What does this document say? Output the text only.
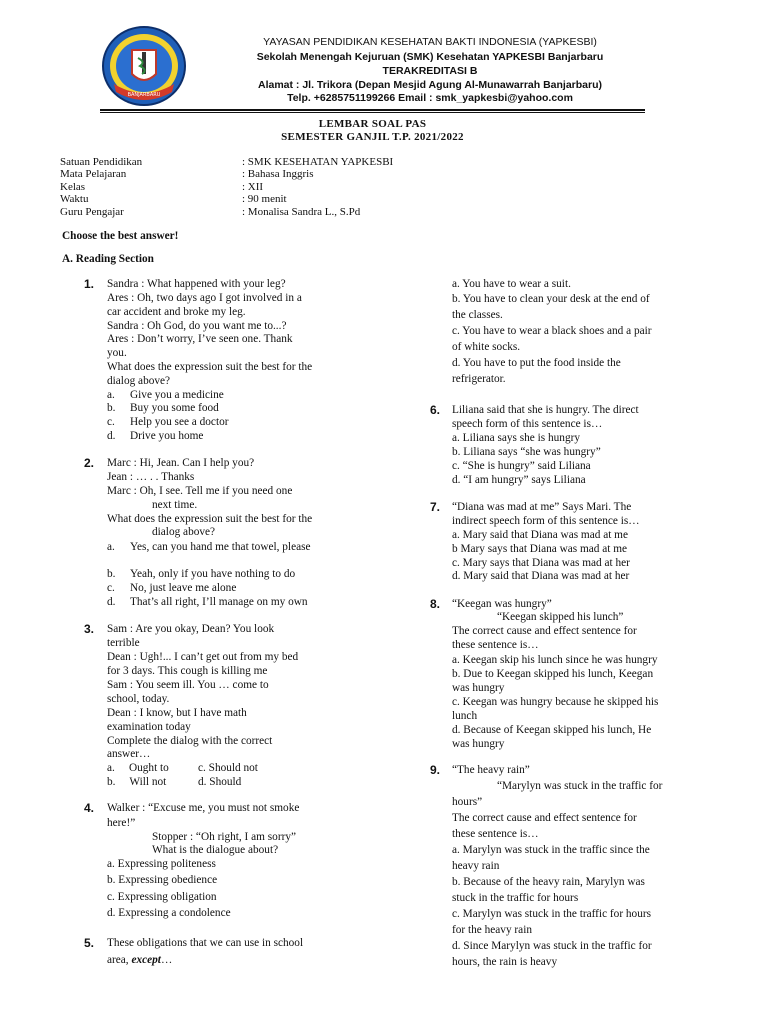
BANJARBARU
YAYASAN PENDIDIKAN KESEHATAN BAKTI INDONESIA (YAPKESBI)
Sekolah Menengah Kejuruan (SMK) Kesehatan YAPKESBI Banjarbaru
TERAKREDITASI B
Alamat : Jl. Trikora (Depan Mesjid Agung Al-Munawarrah Banjarbaru)
Telp. +6285751199266 Email : smk_yapkesbi@yahoo.com
LEMBAR SOAL PAS
SEMESTER GANJIL T.P. 2021/2022
Satuan Pendidikan
Mata Pelajaran
Kelas
Waktu
Guru Pengajar
: SMK KESEHATAN YAPKESBI
: Bahasa Inggris
: XII
: 90 menit
: Monalisa Sandra L., S.Pd
Choose the best answer!
A. Reading Section
1. Sandra : What happened with your leg?
Ares : Oh, two days ago I got involved in a
car accident and broke my leg.
Sandra : Oh God, do you want me to...?
Ares : Don’t worry, I’ve seen one. Thank
you.
What does the expression suit the best for the
dialog above?
a. Give you a medicine
b. Buy you some food
c. Help you see a doctor
d. Drive you home
2. Marc : Hi, Jean. Can I help you?
Jean : … . . Thanks
Marc : Oh, I see. Tell me if you need one
next time.
What does the expression suit the best for the
dialog above?
a. Yes, can you hand me that towel, please
b. Yeah, only if you have nothing to do
c. No, just leave me alone
d. That’s all right, I’ll manage on my own
3. Sam : Are you okay, Dean? You look
terrible
Dean : Ugh!... I can’t get out from my bed
for 3 days. This cough is killing me
Sam : You seem ill. You … come to
school, today.
Dean : I know, but I have math
examination today
Complete the dialog with the correct
answer…
a.     Ought to	c. Should not
b.     Will not	d. Should
4. Walker : “Excuse me, you must not smoke
here!”
Stopper : “Oh right, I am sorry”
What is the dialogue about?
a. Expressing politeness
b. Expressing obedience
c. Expressing obligation
d. Expressing a condolence
5. These obligations that we can use in school
area, except…
a. You have to wear a suit.
b. You have to clean your desk at the end of
the classes.
c. You have to wear a black shoes and a pair
of white socks.
d. You have to put the food inside the
refrigerator.
6. Liliana said that she is hungry. The direct
speech form of this sentence is…
a. Liliana says she is hungry
b. Liliana says “she was hungry”
c. “She is hungry” said Liliana
d. “I am hungry” says Liliana
7. “Diana was mad at me” Says Mari. The
indirect speech form of this sentence is…
a. Mary said that Diana was mad at me
b Mary says that Diana was mad at me
c. Mary says that Diana was mad at her
d. Mary said that Diana was mad at her
8. “Keegan was hungry”
“Keegan skipped his lunch”
The correct cause and effect sentence for
these sentence is…
a. Keegan skip his lunch since he was hungry
b. Due to Keegan skipped his lunch, Keegan
was hungry
c. Keegan was hungry because he skipped his
lunch
d. Because of Keegan skipped his lunch, He
was hungry
9. “The heavy rain”
“Marylyn was stuck in the traffic for
hours”
The correct cause and effect sentence for
these sentence is…
a. Marylyn was stuck in the traffic since the
heavy rain
b. Because of the heavy rain, Marylyn was
stuck in the traffic for hours
c. Marylyn was stuck in the traffic for hours
for the heavy rain
d. Since Marylyn was stuck in the traffic for
hours, the rain is heavy
